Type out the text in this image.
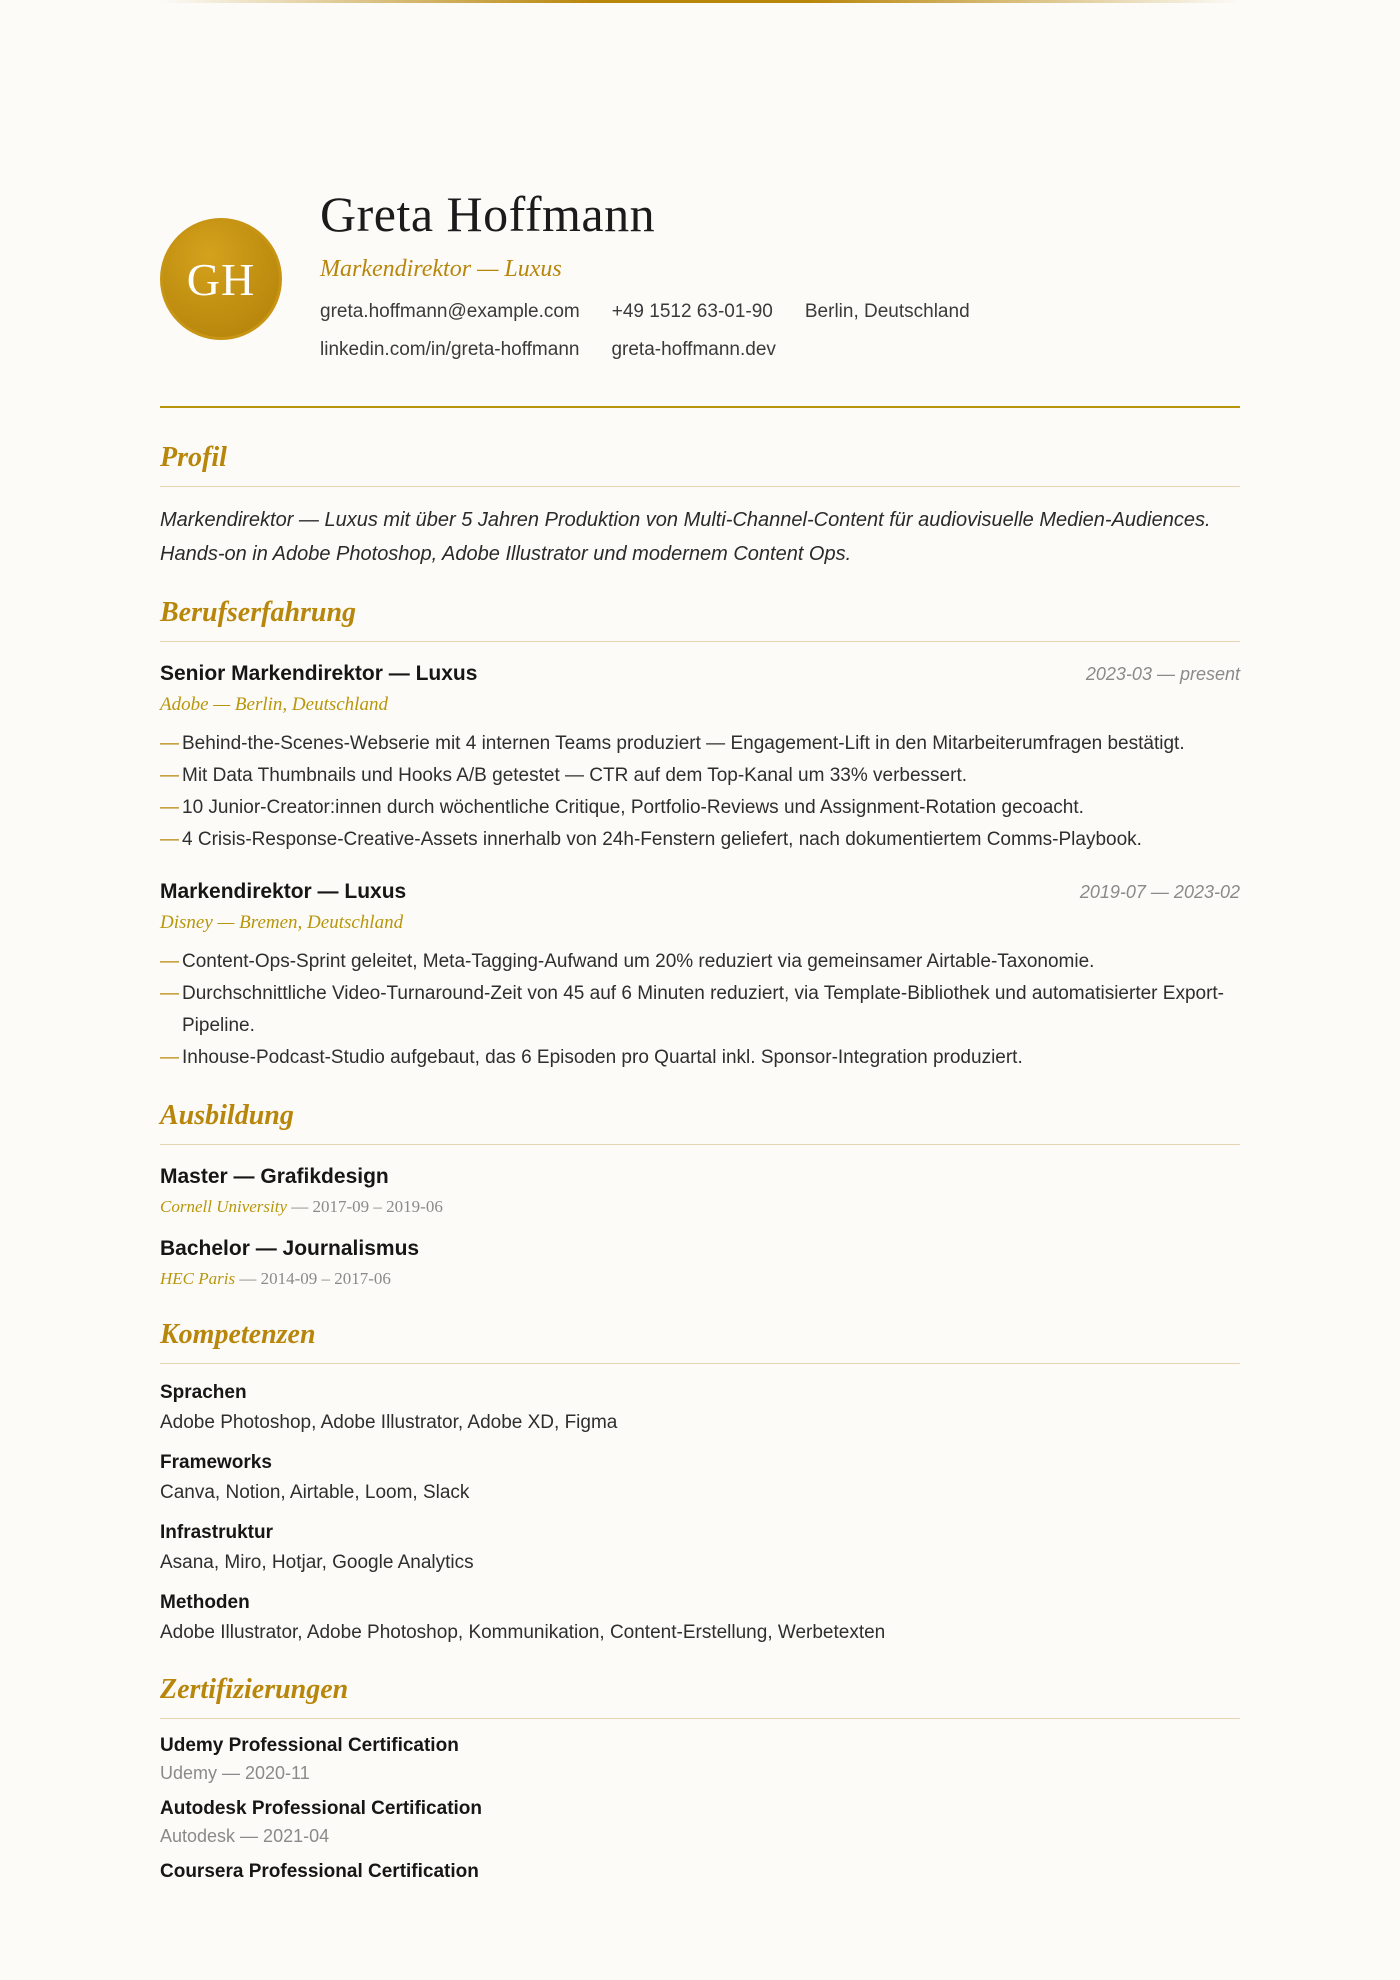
GH
Greta Hoffmann
Markendirektor — Luxus
greta.hoffmann@example.com +49 1512 63-01-90 Berlin, Deutschland
linkedin.com/in/greta-hoffmann greta-hoffmann.dev
Profil
Markendirektor — Luxus mit über 5 Jahren Produktion von Multi-Channel-Content für audiovisuelle Medien-Audiences. Hands-on in Adobe Photoshop, Adobe Illustrator und modernem Content Ops.
Berufserfahrung
Senior Markendirektor — Luxus	2023-03 — present
Adobe — Berlin, Deutschland
— Behind-the-Scenes-Webserie mit 4 internen Teams produziert — Engagement-Lift in den Mitarbeiterumfragen bestätigt.
— Mit Data Thumbnails und Hooks A/B getestet — CTR auf dem Top-Kanal um 33% verbessert.
— 10 Junior-Creator:innen durch wöchentliche Critique, Portfolio-Reviews und Assignment-Rotation gecoacht.
— 4 Crisis-Response-Creative-Assets innerhalb von 24h-Fenstern geliefert, nach dokumentiertem Comms-Playbook.
Markendirektor — Luxus	2019-07 — 2023-02
Disney — Bremen, Deutschland
— Content-Ops-Sprint geleitet, Meta-Tagging-Aufwand um 20% reduziert via gemeinsamer Airtable-Taxonomie.
— Durchschnittliche Video-Turnaround-Zeit von 45 auf 6 Minuten reduziert, via Template-Bibliothek und automatisierter Export-Pipeline.
— Inhouse-Podcast-Studio aufgebaut, das 6 Episoden pro Quartal inkl. Sponsor-Integration produziert.
Ausbildung
Master — Grafikdesign
Cornell University — 2017-09 – 2019-06
Bachelor — Journalismus
HEC Paris — 2014-09 – 2017-06
Kompetenzen
Sprachen
Adobe Photoshop, Adobe Illustrator, Adobe XD, Figma
Frameworks
Canva, Notion, Airtable, Loom, Slack
Infrastruktur
Asana, Miro, Hotjar, Google Analytics
Methoden
Adobe Illustrator, Adobe Photoshop, Kommunikation, Content-Erstellung, Werbetexten
Zertifizierungen
Udemy Professional Certification
Udemy — 2020-11
Autodesk Professional Certification
Autodesk — 2021-04
Coursera Professional Certification
